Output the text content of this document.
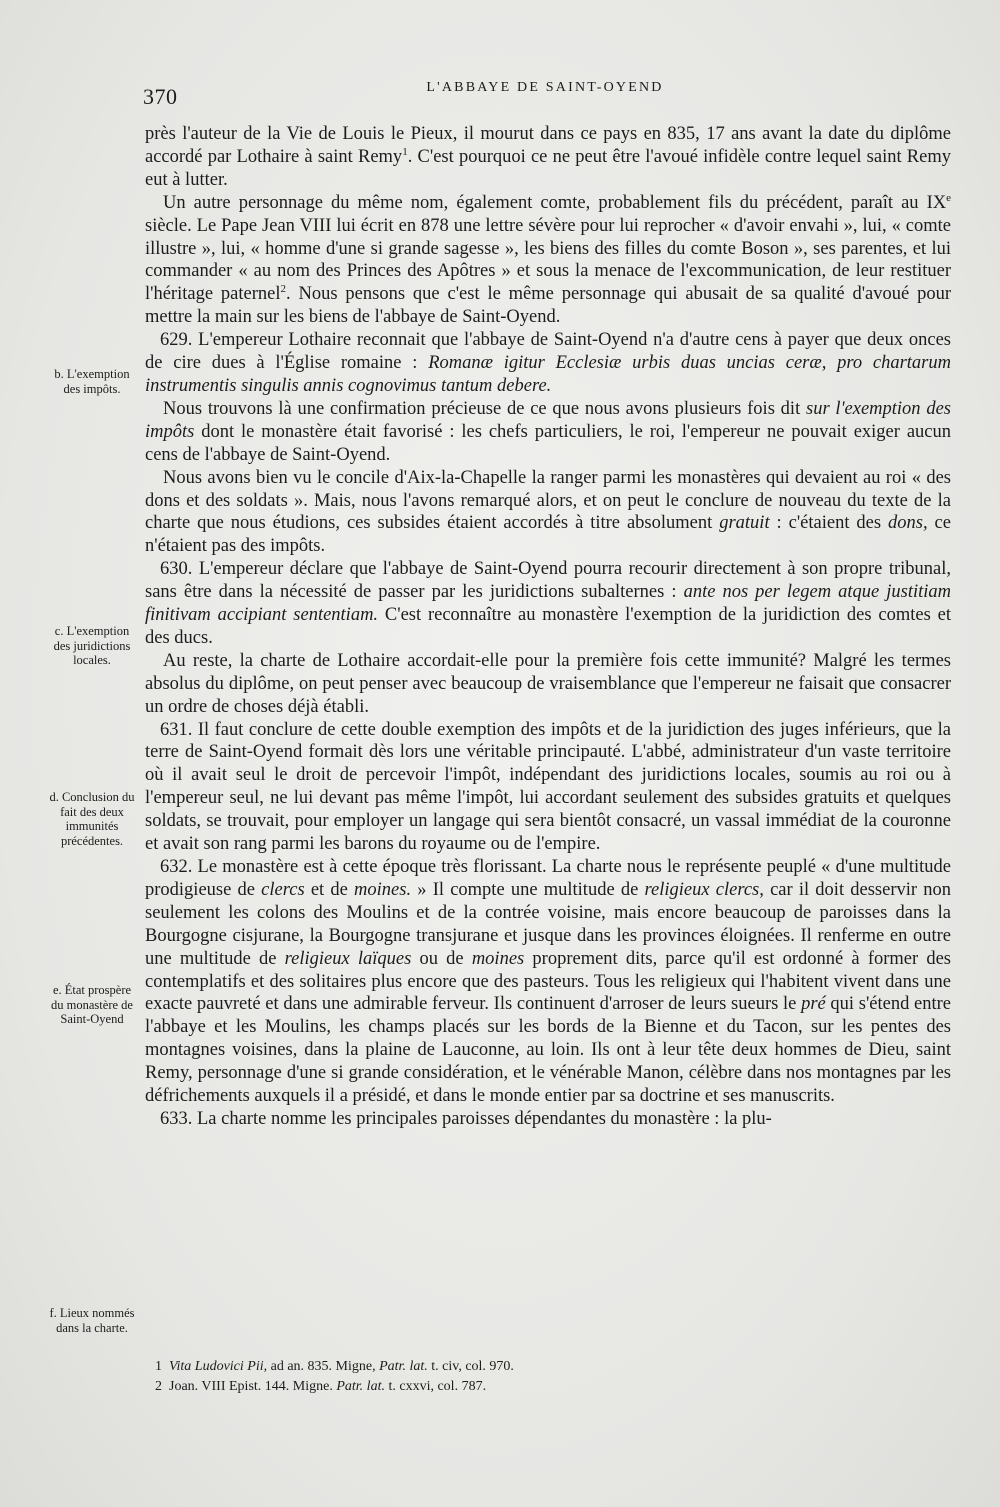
370	L'ABBAYE DE SAINT-OYEND
b. L'exemption des impôts.
c. L'exemption des juridictions locales.
d. Conclusion du fait des deux immunités précédentes.
e. État prospère du monastère de Saint-Oyend
f. Lieux nommés dans la charte.

près l'auteur de la Vie de Louis le Pieux, il mourut dans ce pays en 835, 17 ans avant la date du diplôme accordé par Lothaire à saint Remy$^1$. C'est pourquoi ce ne peut être l'avoué infidèle contre lequel saint Remy eut à lutter.

Un autre personnage du même nom, également comte, probablement fils du précédent, paraît au IXe siècle. Le Pape Jean VIII lui écrit en 878 une lettre sévère pour lui reprocher « d'avoir envahi », lui, « comte illustre », lui, « homme d'une si grande sagesse », les biens des filles du comte Boson », ses parentes, et lui commander « au nom des Princes des Apôtres » et sous la menace de l'excommunication, de leur restituer l'héritage paternel$^2$. Nous pensons que c'est le même personnage qui abusait de sa qualité d'avoué pour mettre la main sur les biens de l'abbaye de Saint-Oyend.

629. L'empereur Lothaire reconnait que l'abbaye de Saint-Oyend n'a d'autre cens à payer que deux onces de cire dues à l'Église romaine : Romanæ igitur Ecclesiæ urbis duas uncias ceræ, pro chartarum instrumentis singulis annis cognovimus tantum debere.

Nous trouvons là une confirmation précieuse de ce que nous avons plusieurs fois dit sur l'exemption des impôts dont le monastère était favorisé : les chefs particuliers, le roi, l'empereur ne pouvait exiger aucun cens de l'abbaye de Saint-Oyend.

Nous avons bien vu le concile d'Aix-la-Chapelle la ranger parmi les monastères qui devaient au roi « des dons et des soldats ». Mais, nous l'avons remarqué alors, et on peut le conclure de nouveau du texte de la charte que nous étudions, ces subsides étaient accordés à titre absolument gratuit : c'étaient des dons, ce n'étaient pas des impôts.

630. L'empereur déclare que l'abbaye de Saint-Oyend pourra recourir directement à son propre tribunal, sans être dans la nécessité de passer par les juridictions subalternes : ante nos per legem atque justitiam finitivam accipiant sententiam. C'est reconnaître au monastère l'exemption de la juridiction des comtes et des ducs.

Au reste, la charte de Lothaire accordait-elle pour la première fois cette immunité? Malgré les termes absolus du diplôme, on peut penser avec beaucoup de vraisemblance que l'empereur ne faisait que consacrer un ordre de choses déjà établi.

631. Il faut conclure de cette double exemption des impôts et de la juridiction des juges inférieurs, que la terre de Saint-Oyend formait dès lors une véritable principauté. L'abbé, administrateur d'un vaste territoire où il avait seul le droit de percevoir l'impôt, indépendant des juridictions locales, soumis au roi ou à l'empereur seul, ne lui devant pas même l'impôt, lui accordant seulement des subsides gratuits et quelques soldats, se trouvait, pour employer un langage qui sera bientôt consacré, un vassal immédiat de la couronne et avait son rang parmi les barons du royaume ou de l'empire.

632. Le monastère est à cette époque très florissant. La charte nous le représente peuplé « d'une multitude prodigieuse de clercs et de moines. » Il compte une multitude de religieux clercs, car il doit desservir non seulement les colons des Moulins et de la contrée voisine, mais encore beaucoup de paroisses dans la Bourgogne cisjurane, la Bourgogne transjurane et jusque dans les provinces éloignées. Il renferme en outre une multitude de religieux laïques ou de moines proprement dits, parce qu'il est ordonné à former des contemplatifs et des solitaires plus encore que des pasteurs. Tous les religieux qui l'habitent vivent dans une exacte pauvreté et dans une admirable ferveur. Ils continuent d'arroser de leurs sueurs le pré qui s'étend entre l'abbaye et les Moulins, les champs placés sur les bords de la Bienne et du Tacon, sur les pentes des montagnes voisines, dans la plaine de Lauconne, au loin. Ils ont à leur tête deux hommes de Dieu, saint Remy, personnage d'une si grande considération, et le vénérable Manon, célèbre dans nos montagnes par les défrichements auxquels il a présidé, et dans le monde entier par sa doctrine et ses manuscrits.

633. La charte nomme les principales paroisses dépendantes du monastère : la plu-

1 Vita Ludovici Pii, ad an. 835. Migne, Patr. lat. t. civ, col. 970.

2 Joan. VIII Epist. 144. Migne. Patr. lat. t. cxxvi, col. 787.
